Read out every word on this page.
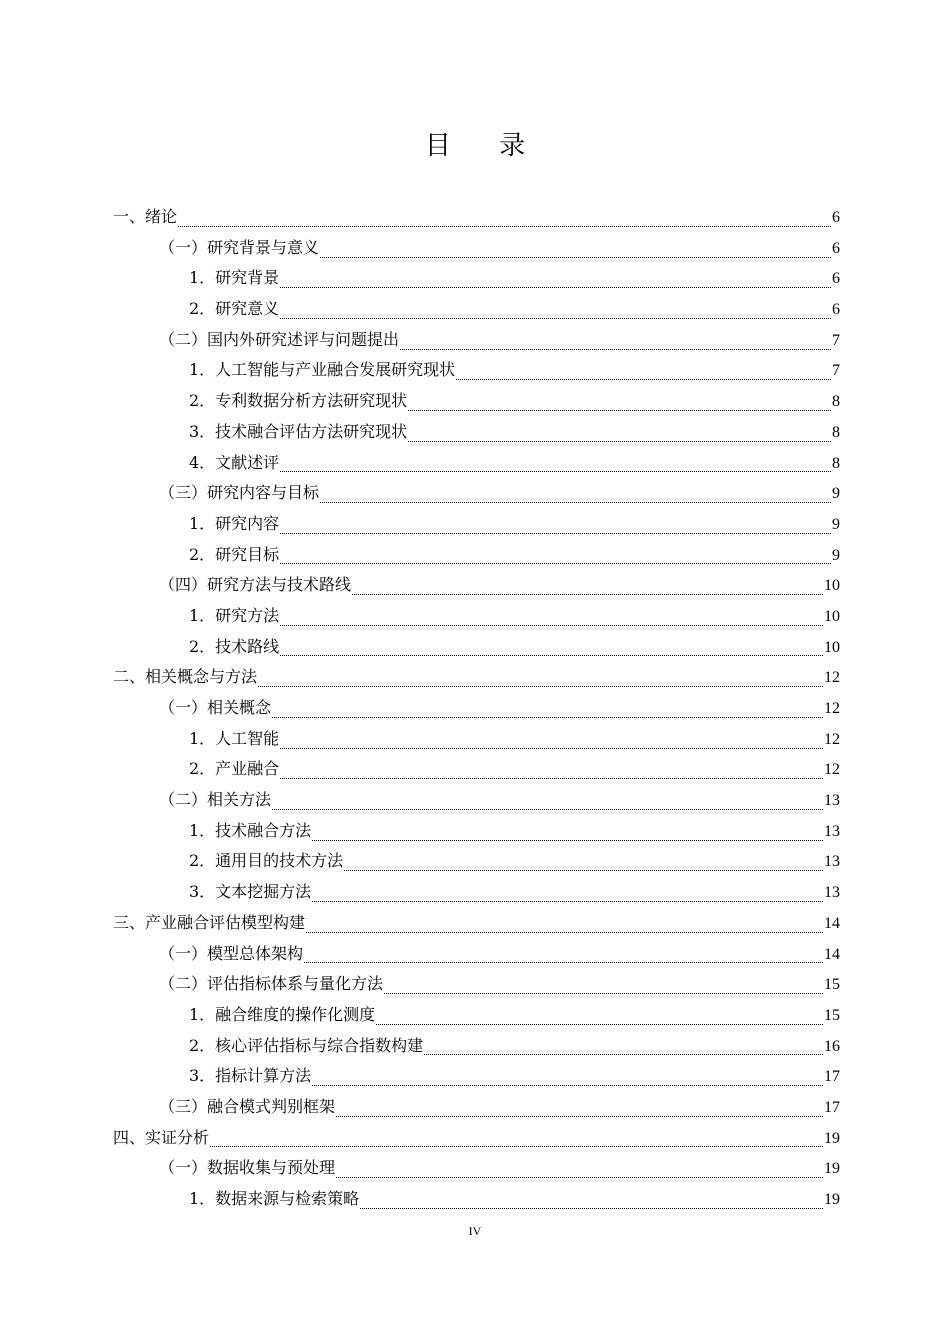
目 录
一、绪论	6
（一）研究背景与意义	6
1．研究背景	6
2．研究意义	6
（二）国内外研究述评与问题提出	7
1．人工智能与产业融合发展研究现状	7
2．专利数据分析方法研究现状	8
3．技术融合评估方法研究现状	8
4．文献述评	8
（三）研究内容与目标	9
1．研究内容	9
2．研究目标	9
（四）研究方法与技术路线	10
1．研究方法	10
2．技术路线	10
二、相关概念与方法	12
（一）相关概念	12
1．人工智能	12
2．产业融合	12
（二）相关方法	13
1．技术融合方法	13
2．通用目的技术方法	13
3．文本挖掘方法	13
三、产业融合评估模型构建	14
（一）模型总体架构	14
（二）评估指标体系与量化方法	15
1．融合维度的操作化测度	15
2．核心评估指标与综合指数构建	16
3．指标计算方法	17
（三）融合模式判别框架	17
四、实证分析	19
（一）数据收集与预处理	19
1．数据来源与检索策略	19
IV
